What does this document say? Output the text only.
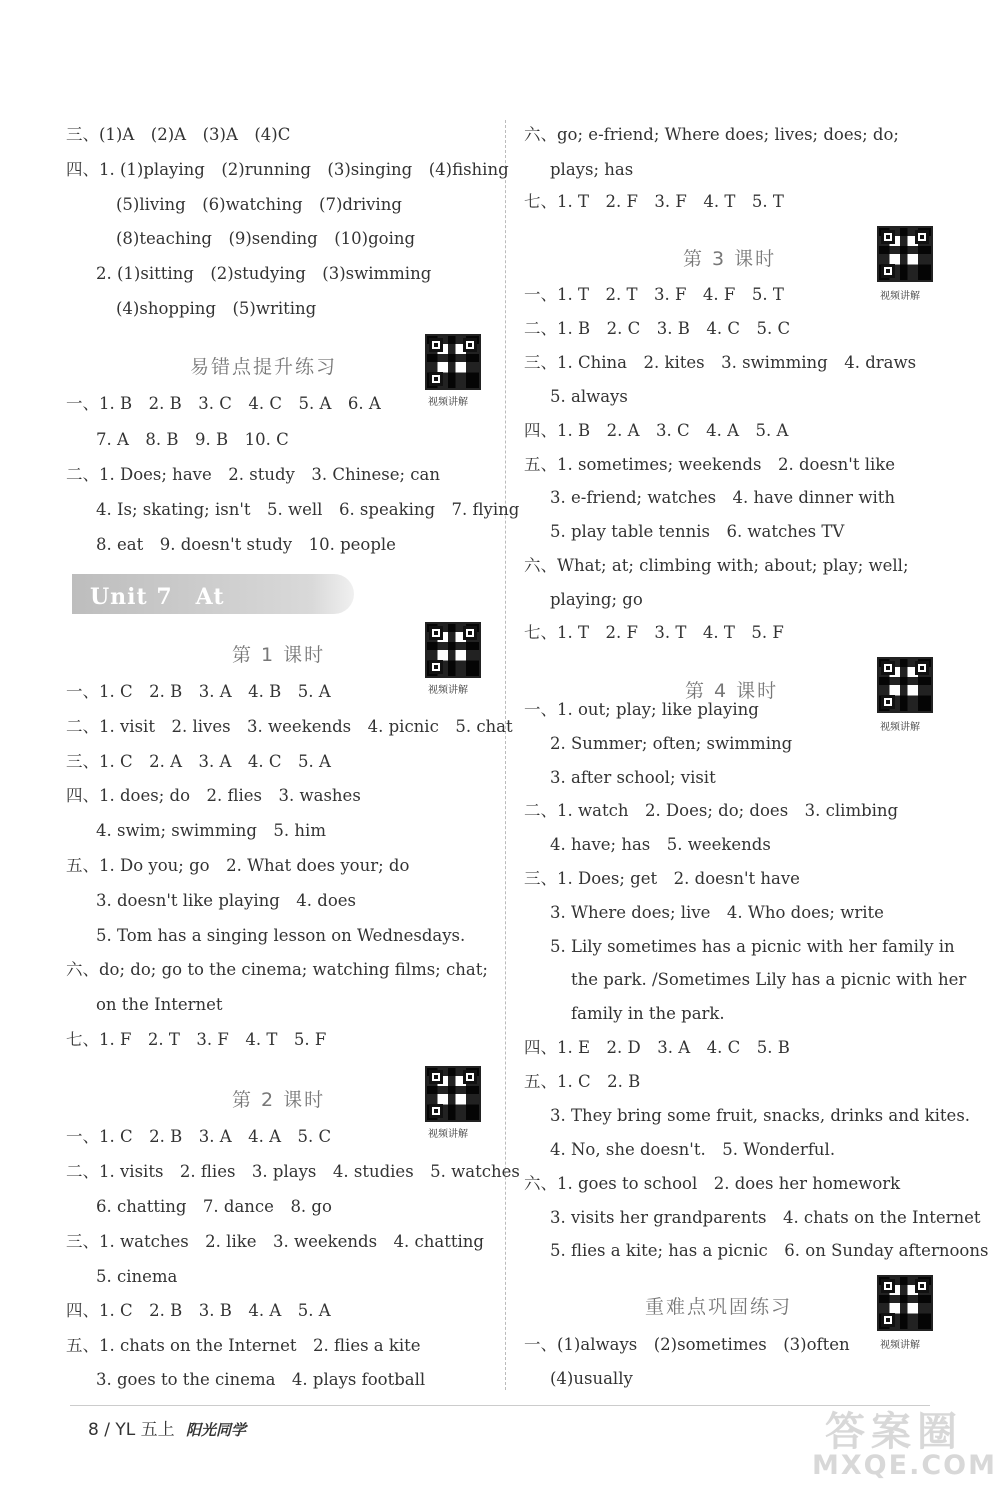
三、(1)A　(2)A　(3)A　(4)C
四、1. (1)playing　(2)running　(3)singing　(4)fishing
(5)living　(6)watching　(7)driving
(8)teaching　(9)sending　(10)going
2. (1)sitting　(2)studying　(3)swimming
(4)shopping　(5)writing
一、1. B　2. B　3. C　4. C　5. A　6. A
7. A　8. B　9. B　10. C
二、1. Does; have　2. study　3. Chinese; can
4. Is; skating; isn't　5. well　6. speaking　7. flying
8. eat　9. doesn't study　10. people
一、1. C　2. B　3. A　4. B　5. A
二、1. visit　2. lives　3. weekends　4. picnic　5. chat
三、1. C　2. A　3. A　4. C　5. A
四、1. does; do　2. flies　3. washes
4. swim; swimming　5. him
五、1. Do you; go　2. What does your; do
3. doesn't like playing　4. does
5. Tom has a singing lesson on Wednesdays.
六、do; do; go to the cinema; watching films; chat;
on the Internet
七、1. F　2. T　3. F　4. T　5. F
一、1. C　2. B　3. A　4. A　5. C
二、1. visits　2. flies　3. plays　4. studies　5. watches
6. chatting　7. dance　8. go
三、1. watches　2. like　3. weekends　4. chatting
5. cinema
四、1. C　2. B　3. B　4. A　5. A
五、1. chats on the Internet　2. flies a kite
3. goes to the cinema　4. plays football
六、go; e-friend; Where does; lives; does; do;
plays; has
七、1. T　2. F　3. F　4. T　5. T
一、1. T　2. T　3. F　4. F　5. T
二、1. B　2. C　3. B　4. C　5. C
三、1. China　2. kites　3. swimming　4. draws
5. always
四、1. B　2. A　3. C　4. A　5. A
五、1. sometimes; weekends　2. doesn't like
3. e-friend; watches　4. have dinner with
5. play table tennis　6. watches TV
六、What; at; climbing with; about; play; well;
playing; go
七、1. T　2. F　3. T　4. T　5. F
一、1. out; play; like playing
2. Summer; often; swimming
3. after school; visit
二、1. watch　2. Does; do; does　3. climbing
4. have; has　5. weekends
三、1. Does; get　2. doesn't have
3. Where does; live　4. Who does; write
5. Lily sometimes has a picnic with her family in
the park. /Sometimes Lily has a picnic with her
family in the park.
四、1. E　2. D　3. A　4. C　5. B
五、1. C　2. B
3. They bring some fruit, snacks, drinks and kites.
4. No, she doesn't.　5. Wonderful.
六、1. goes to school　2. does her homework
3. visits her grandparents　4. chats on the Internet
5. flies a kite; has a picnic　6. on Sunday afternoons
一、(1)always　(2)sometimes　(3)often
(4)usually
易错点提升练习
Unit 7　At weekends
第 1 课时
第 2 课时
第 3 课时
第 4 课时
重难点巩固练习
视频讲解
视频讲解
视频讲解
视频讲解
视频讲解
视频讲解
8 / YL 五上 阳光同学	答案圈
MXQE.COM
